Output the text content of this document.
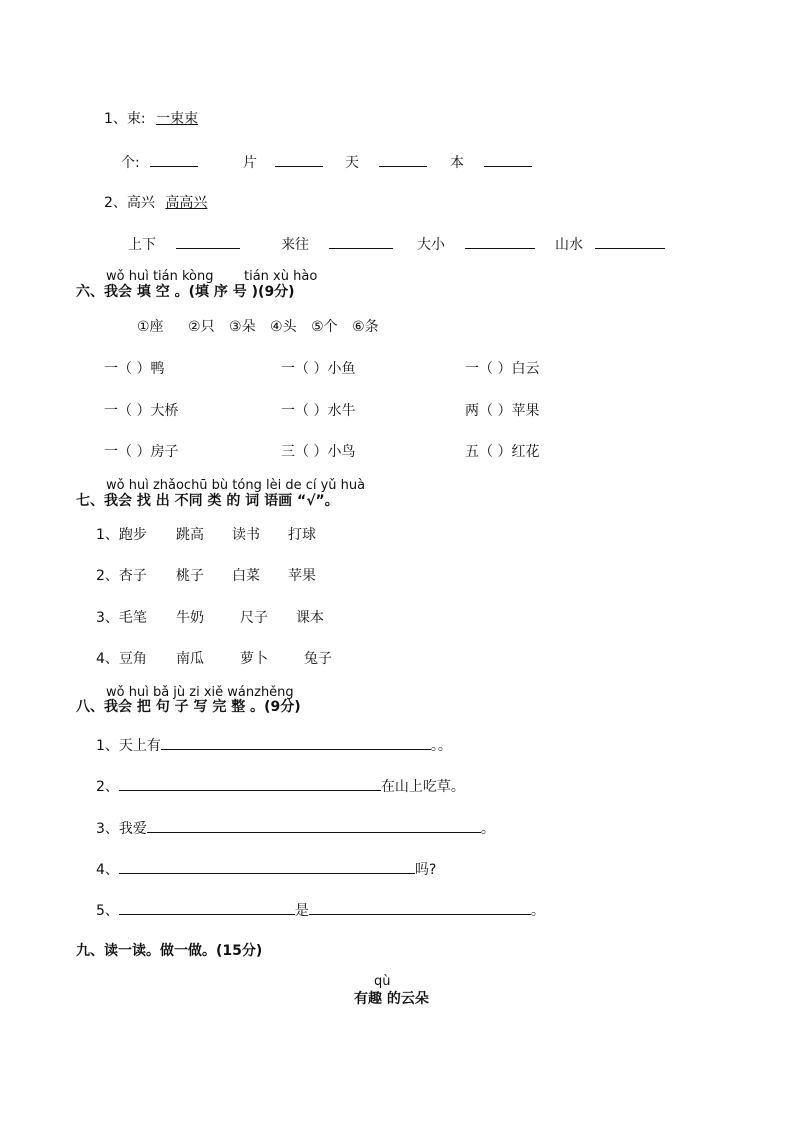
1、束: 一束束
个:	片	天	本
2、高兴 高高兴
上下	来往	大小	山水
wǒ huì tián kòng tián xù hào
六、我会 填 空 。(填 序 号 )(9分)
①座 ②只 ③朵 ④头 ⑤个 ⑥条
一（ ）鸭	一（ ）小鱼	一（ ）白云
一（ ）大桥	一（ ）水牛	两（ ）苹果
一（ ）房子	三（ ）小鸟	五（ ）红花
wǒ huì zhǎochū bù tóng lèi de cí yǔ huà
七、我会 找 出 不同 类 的 词 语画 “√”。
1、跑步 跳高 读书 打球
2、杏子 桃子 白菜 苹果
3、毛笔 牛奶	尺子 课本
4、豆角 南瓜	萝卜	兔子
wǒ huì bǎ jù zi xiě wánzhěng
八、我会 把 句 子 写 完 整 。(9分)
1、天上有	。。
2、	在山上吃草。
3、我爱	。
4、	吗?
5、	是	。
九、读一读。做一做。(15分)
qù
有趣 的云朵
